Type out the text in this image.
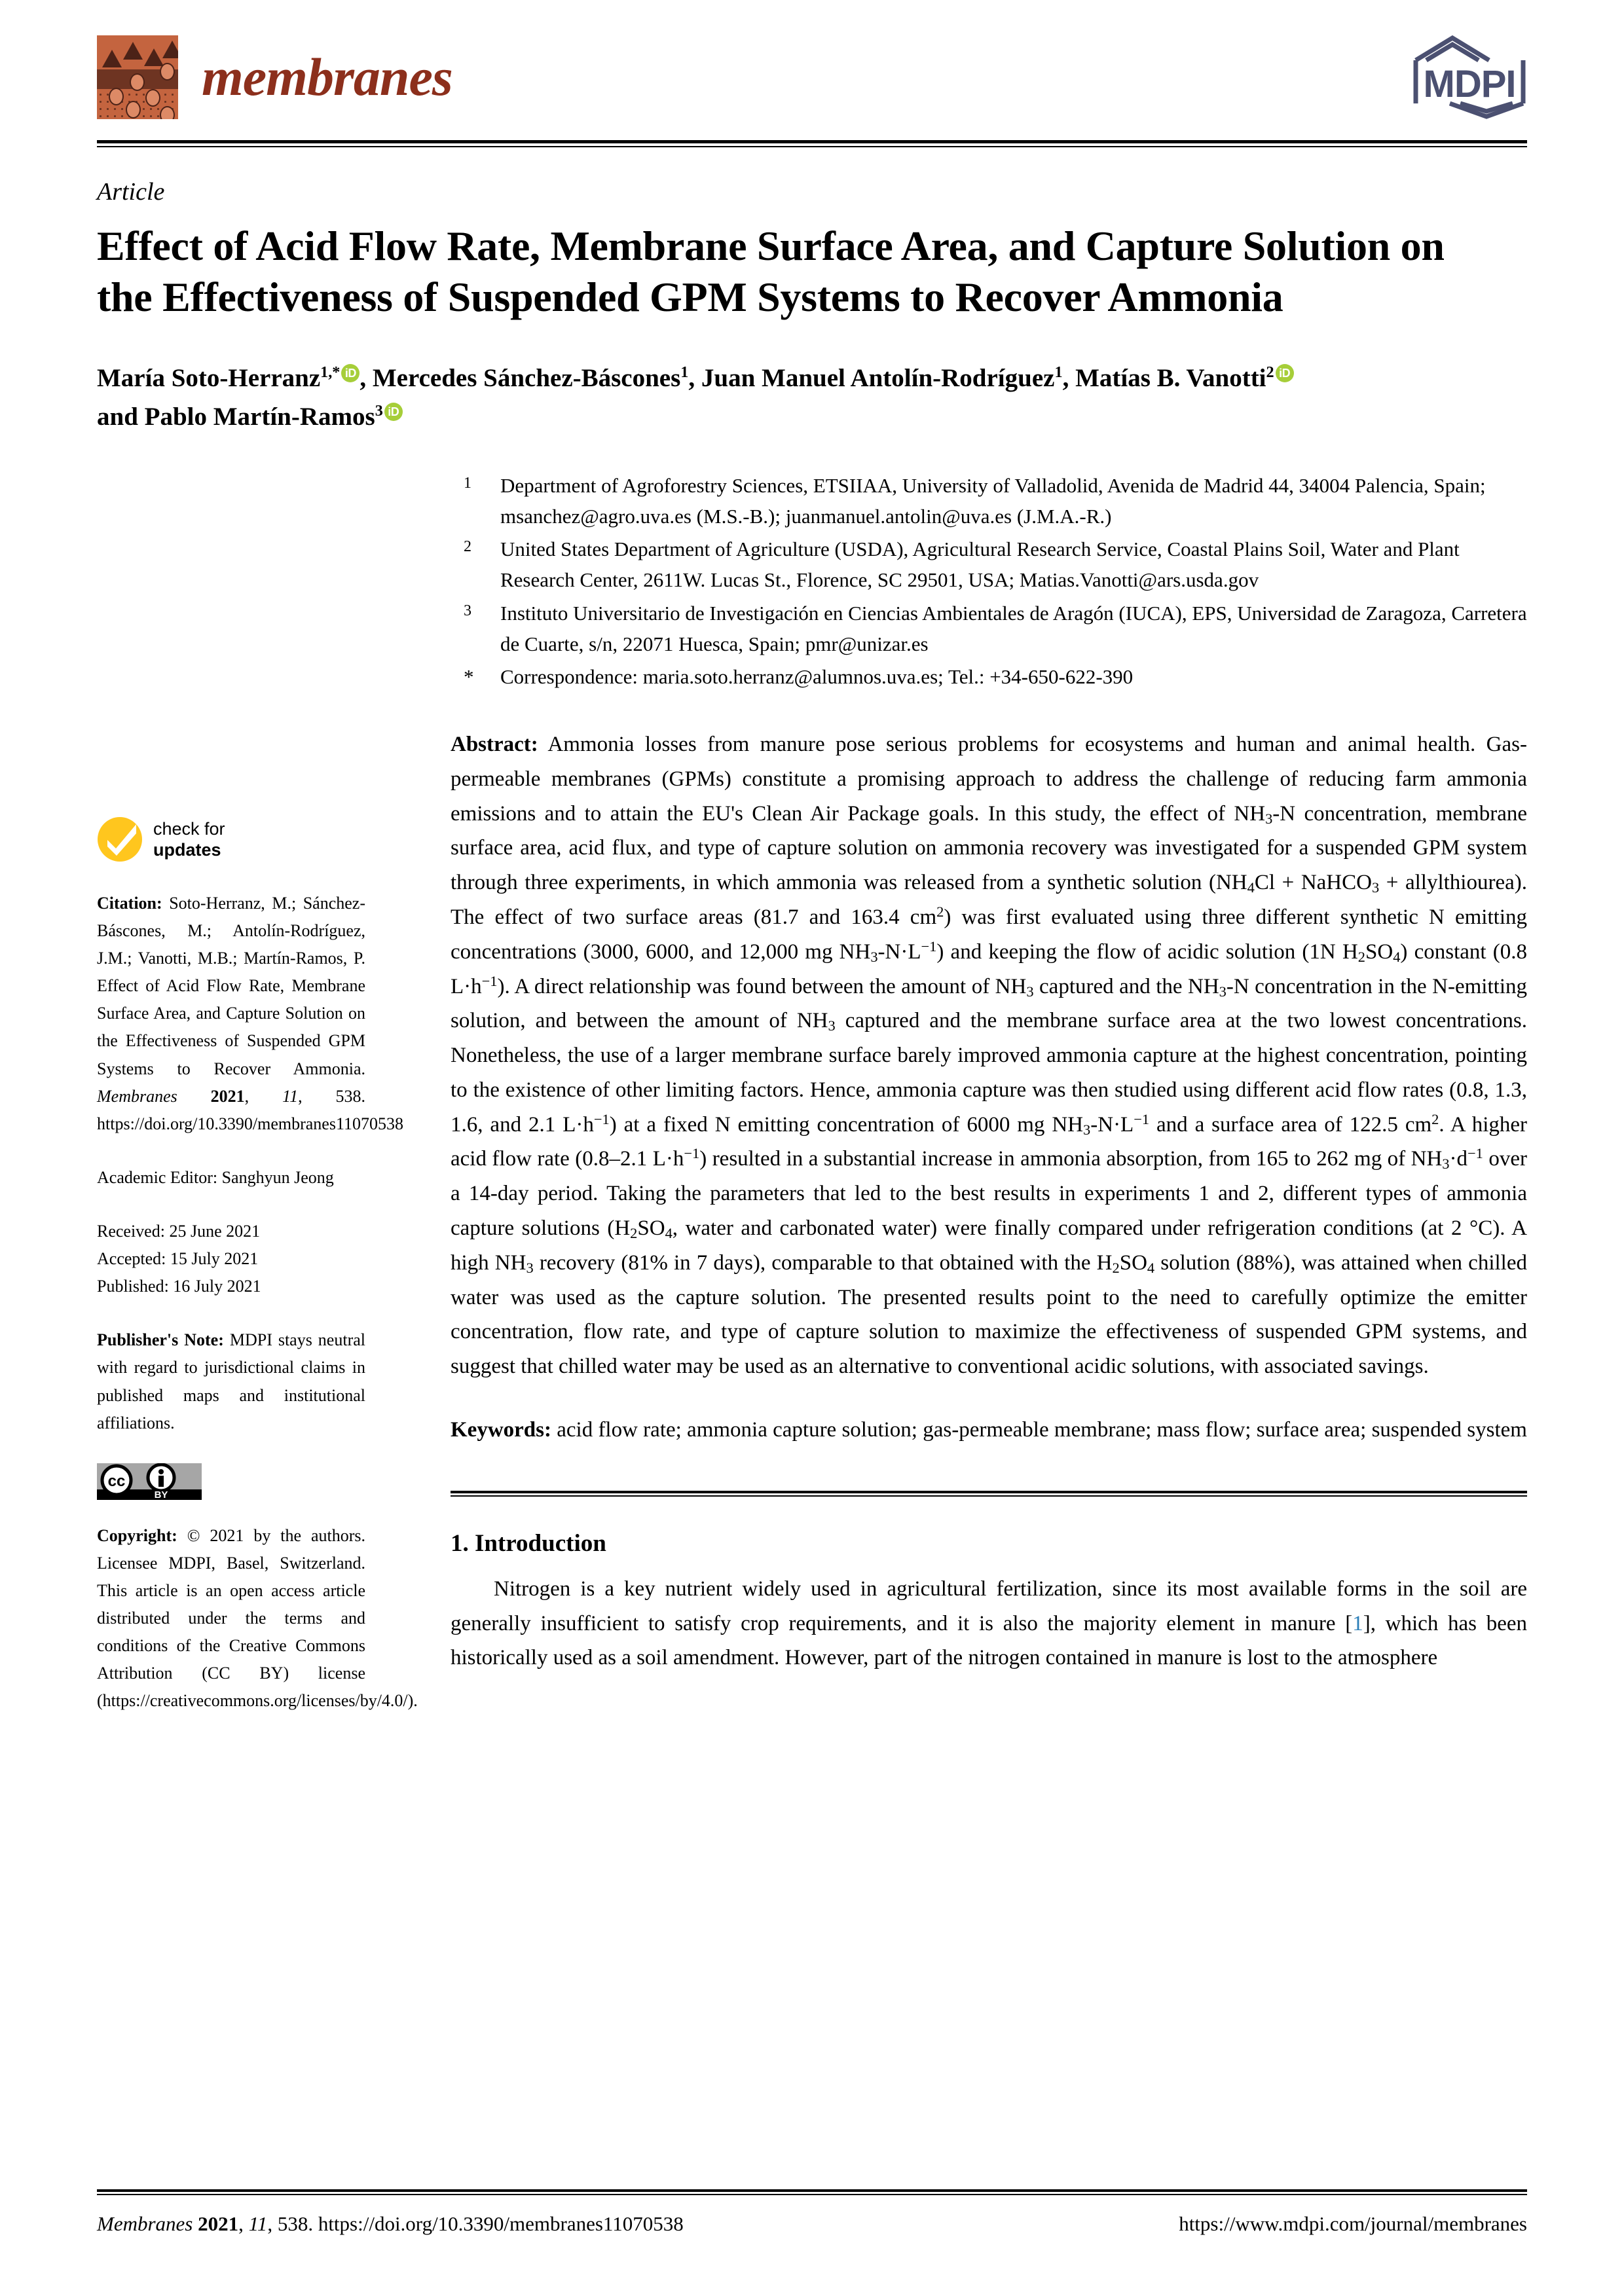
membranes	MDPI
Article
Effect of Acid Flow Rate, Membrane Surface Area, and Capture Solution on the Effectiveness of Suspended GPM Systems to Recover Ammonia
María Soto-Herranz$^{1,*}$ iD , Mercedes Sánchez-Báscones$^1$, Juan Manuel Antolín-Rodríguez$^1$, Matías B. Vanotti$^2$ iD
and Pablo Martín-Ramos$^3$ iD
1	Department of Agroforestry Sciences, ETSIIAA, University of Valladolid, Avenida de Madrid 44, 34004 Palencia, Spain; msanchez@agro.uva.es (M.S.-B.); juanmanuel.antolin@uva.es (J.M.A.-R.)
2	United States Department of Agriculture (USDA), Agricultural Research Service, Coastal Plains Soil, Water and Plant Research Center, 2611W. Lucas St., Florence, SC 29501, USA; Matias.Vanotti@ars.usda.gov
3	Instituto Universitario de Investigación en Ciencias Ambientales de Aragón (IUCA), EPS, Universidad de Zaragoza, Carretera de Cuarte, s/n, 22071 Huesca, Spain; pmr@unizar.es
*	Correspondence: maria.soto.herranz@alumnos.uva.es; Tel.: +34-650-622-390
check for
updates
Citation: Soto-Herranz, M.; Sánchez-Báscones, M.; Antolín-Rodríguez, J.M.; Vanotti, M.B.; Martín-Ramos, P. Effect of Acid Flow Rate, Membrane Surface Area, and Capture Solution on the Effectiveness of Suspended GPM Systems to Recover Ammonia. Membranes 2021, 11, 538. https://doi.org/10.3390/membranes11070538
Academic Editor: Sanghyun Jeong
Received: 25 June 2021
Accepted: 15 July 2021
Published: 16 July 2021
Publisher's Note: MDPI stays neutral with regard to jurisdictional claims in published maps and institutional affiliations.
cc
BY
Copyright: © 2021 by the authors. Licensee MDPI, Basel, Switzerland. This article is an open access article distributed under the terms and conditions of the Creative Commons Attribution (CC BY) license (https://creativecommons.org/licenses/by/4.0/).
Abstract: Ammonia losses from manure pose serious problems for ecosystems and human and animal health. Gas-permeable membranes (GPMs) constitute a promising approach to address the challenge of reducing farm ammonia emissions and to attain the EU's Clean Air Package goals. In this study, the effect of $NH_3-N$ concentration, membrane surface area, acid flux, and type of capture solution on ammonia recovery was investigated for a suspended GPM system through three experiments, in which ammonia was released from a synthetic solution ($NH_4Cl$ + NaHCO$_3$ + allylthiourea). The effect of two surface areas (81.7 and 163.4 $cm^2$) was first evaluated using three different synthetic N emitting concentrations (3000, 6000, and 12,000 mg $NH_3-N\cdot L^{-1}$) and keeping the flow of acidic solution (1N $H_2SO_4$) constant (0.8 $L\cdot h^{-1}$). A direct relationship was found between the amount of $NH_3$ captured and the $NH_3-N$ concentration in the N-emitting solution, and between the amount of $NH_3$ captured and the membrane surface area at the two lowest concentrations. Nonetheless, the use of a larger membrane surface barely improved ammonia capture at the highest concentration, pointing to the existence of other limiting factors. Hence, ammonia capture was then studied using different acid flow rates (0.8, 1.3, 1.6, and 2.1 $L\cdot h^{-1}$) at a fixed N emitting concentration of 6000 mg $NH_3-N\cdot L^{-1}$ and a surface area of 122.5 $cm^2$. A higher acid flow rate (0.8–2.1 $L\cdot h^{-1}$) resulted in a substantial increase in ammonia absorption, from 165 to 262 mg of $NH_3\cdot d^{-1}$ over a 14-day period. Taking the parameters that led to the best results in experiments 1 and 2, different types of ammonia capture solutions ($H_2SO_4$, water and carbonated water) were finally compared under refrigeration conditions (at 2 °C). A high $NH_3$ recovery (81% in 7 days), comparable to that obtained with the $H_2SO_4$ solution (88%), was attained when chilled water was used as the capture solution. The presented results point to the need to carefully optimize the emitter concentration, flow rate, and type of capture solution to maximize the effectiveness of suspended GPM systems, and suggest that chilled water may be used as an alternative to conventional acidic solutions, with associated savings.
Keywords: acid flow rate; ammonia capture solution; gas-permeable membrane; mass flow; surface area; suspended system
1. Introduction
Nitrogen is a key nutrient widely used in agricultural fertilization, since its most available forms in the soil are generally insufficient to satisfy crop requirements, and it is also the majority element in manure [1], which has been historically used as a soil amendment. However, part of the nitrogen contained in manure is lost to the atmosphere
Membranes 2021, 11, 538. https://doi.org/10.3390/membranes11070538	https://www.mdpi.com/journal/membranes
